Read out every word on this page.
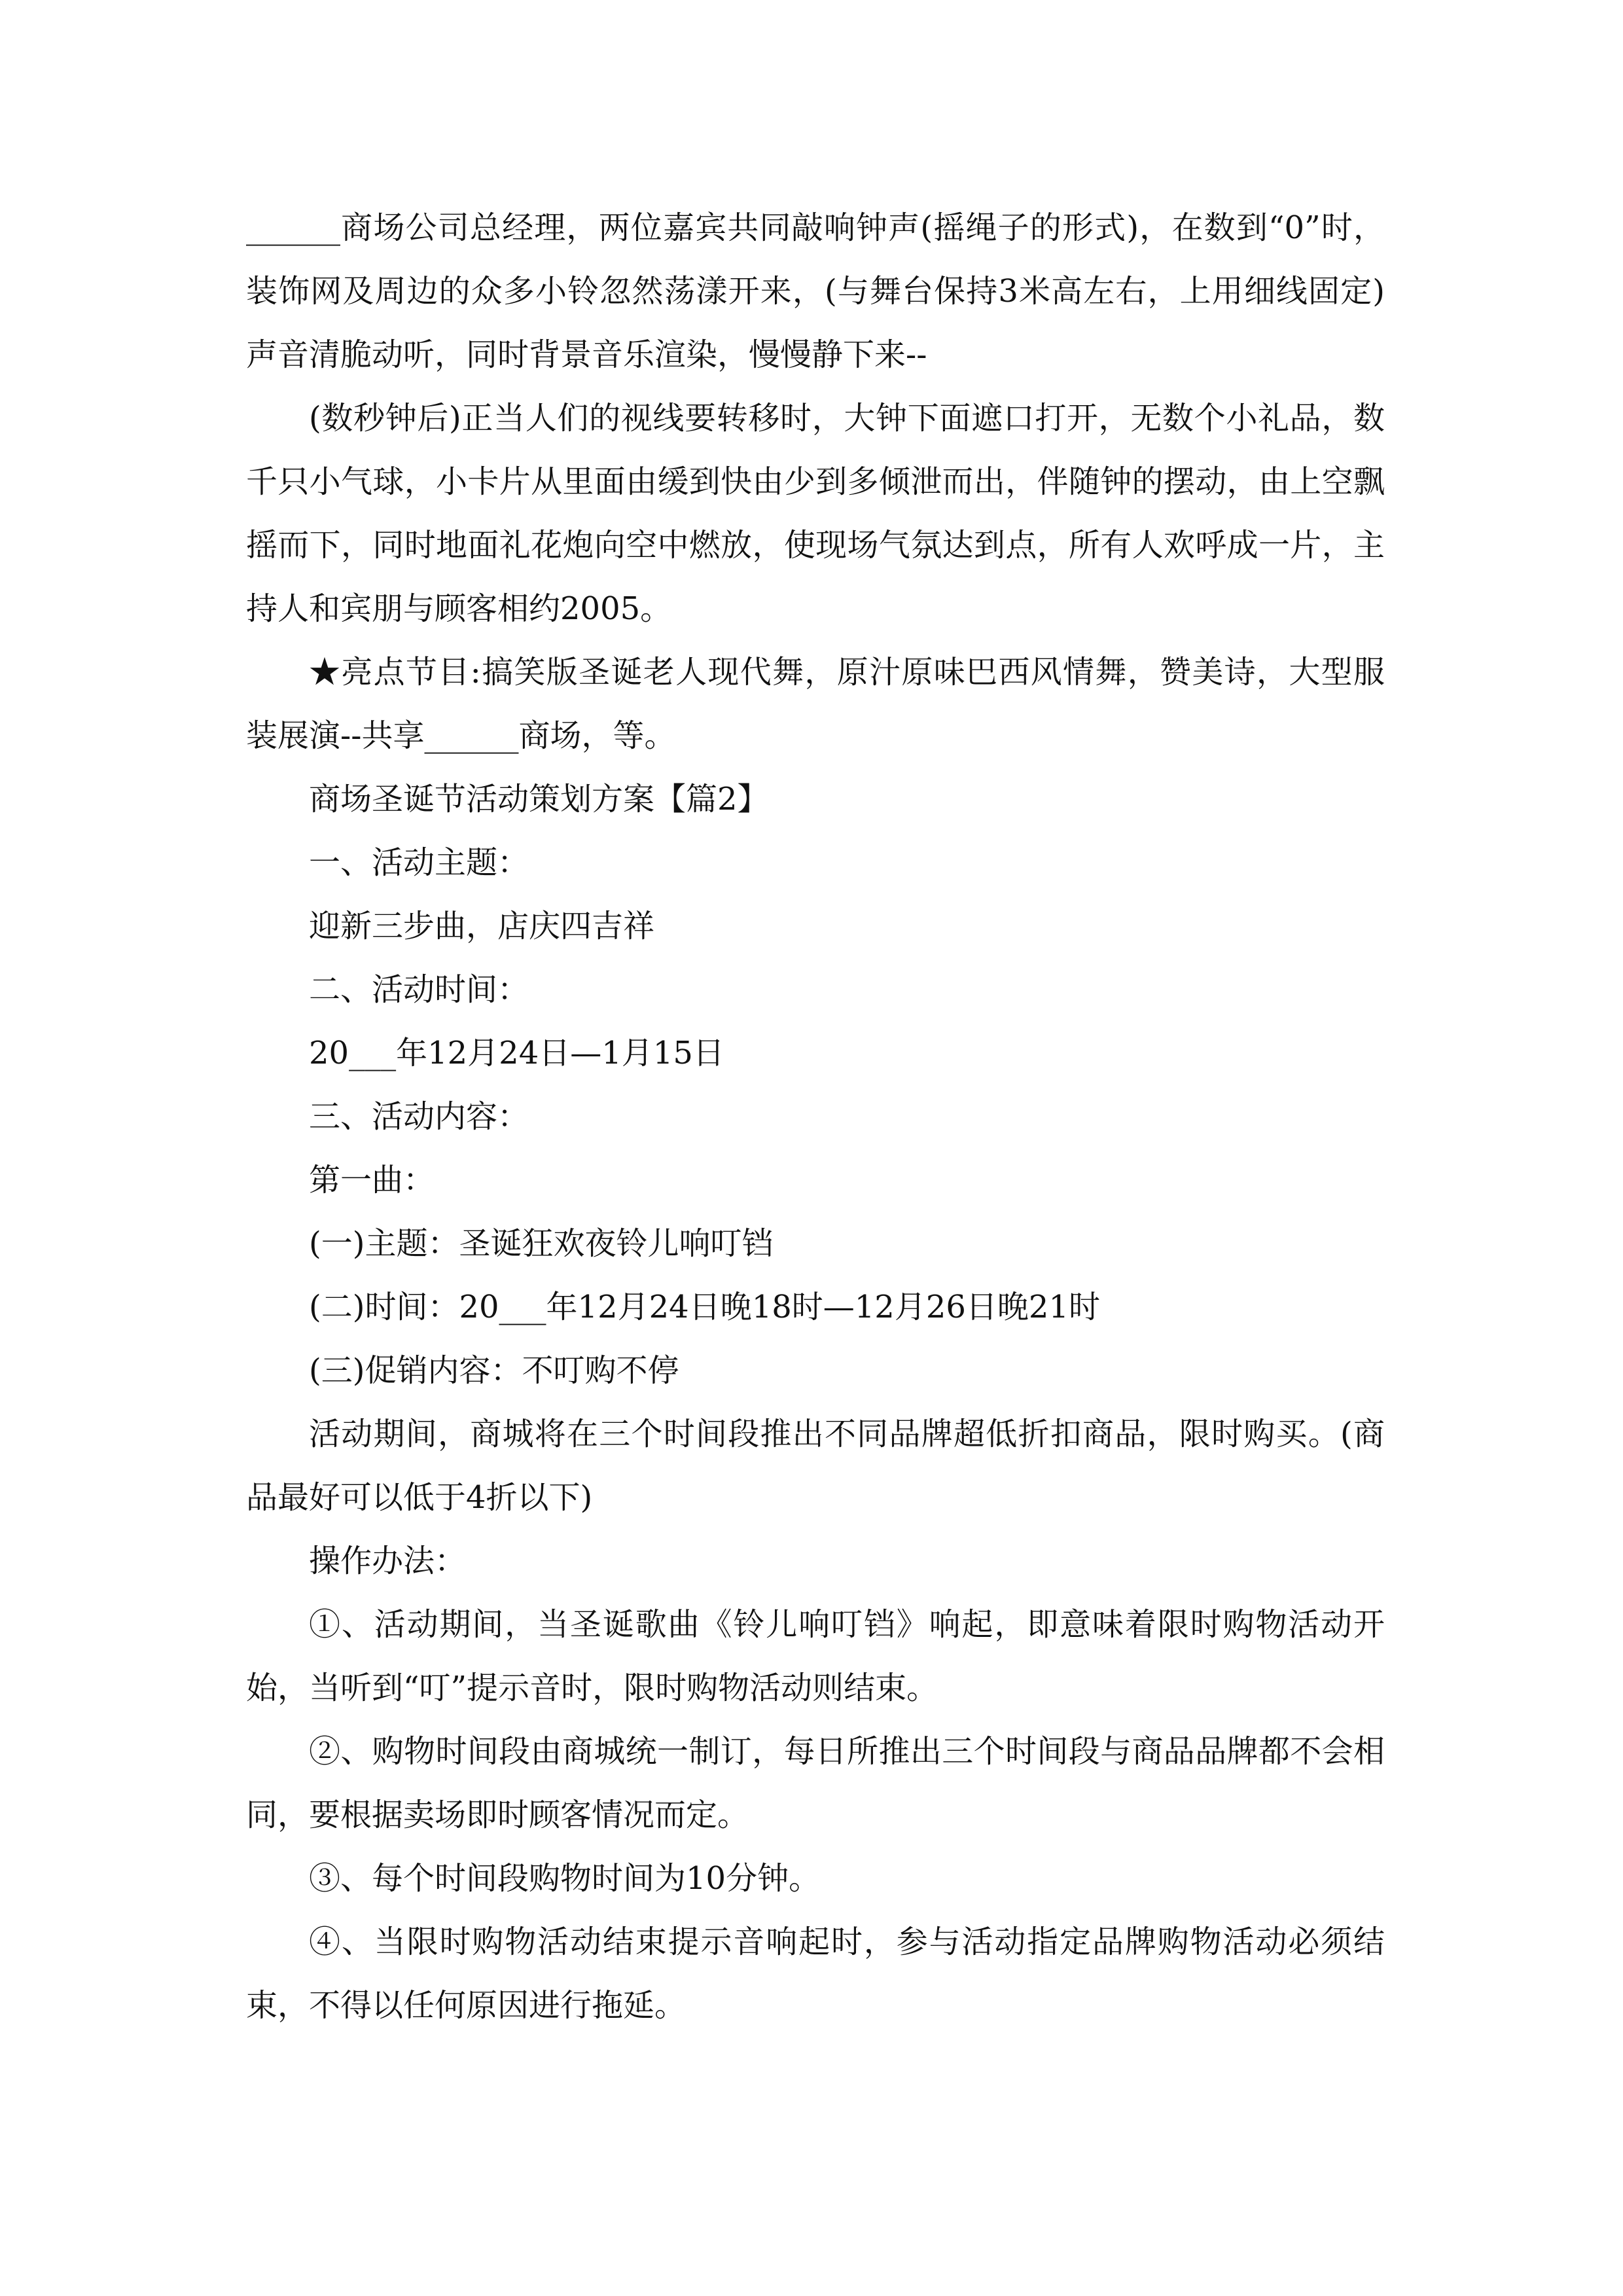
______商场公司总经理，两位嘉宾共同敲响钟声(摇绳子的形式)，在数到“0”时，装饰网及周边的众多小铃忽然荡漾开来，(与舞台保持3米高左右，上用细线固定)声音清脆动听，同时背景音乐渲染，慢慢静下来--

(数秒钟后)正当人们的视线要转移时，大钟下面遮口打开，无数个小礼品，数千只小气球，小卡片从里面由缓到快由少到多倾泄而出，伴随钟的摆动，由上空飘摇而下，同时地面礼花炮向空中燃放，使现场气氛达到点，所有人欢呼成一片，主持人和宾朋与顾客相约2005。

★亮点节目:搞笑版圣诞老人现代舞，原汁原味巴西风情舞，赞美诗，大型服装展演--共享______商场，等。

商场圣诞节活动策划方案【篇2】

一、活动主题：

迎新三步曲，店庆四吉祥

二、活动时间：

20___年12月24日—1月15日

三、活动内容：

第一曲：

(一)主题：圣诞狂欢夜铃儿响叮铛

(二)时间：20___年12月24日晚18时—12月26日晚21时

(三)促销内容：不叮购不停

活动期间，商城将在三个时间段推出不同品牌超低折扣商品，限时购买。(商品最好可以低于4折以下)

操作办法：

①、活动期间，当圣诞歌曲《铃儿响叮铛》响起，即意味着限时购物活动开始，当听到“叮”提示音时，限时购物活动则结束。

②、购物时间段由商城统一制订，每日所推出三个时间段与商品品牌都不会相同，要根据卖场即时顾客情况而定。

③、每个时间段购物时间为10分钟。

④、当限时购物活动结束提示音响起时，参与活动指定品牌购物活动必须结束，不得以任何原因进行拖延。
